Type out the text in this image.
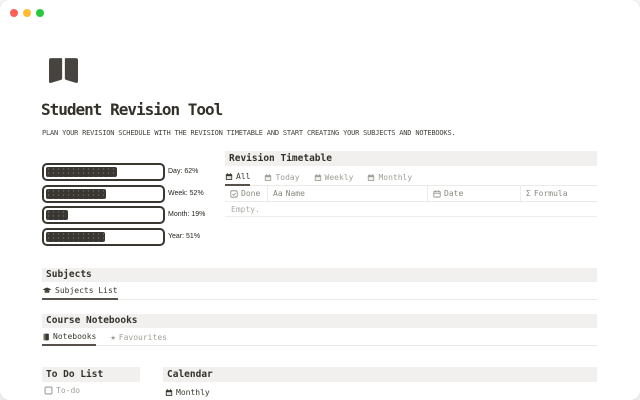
Student Revision Tool
PLAN YOUR REVISION SCHEDULE WITH THE REVISION TIMETABLE AND START CREATING YOUR SUBJECTS AND NOTEBOOKS.
Day: 62%
Week: 52%
Month: 19%
Year: 51%
Revision Timetable
All	Today	Weekly	Monthly
Done Aa Name	Date	Σ Formula
Empty.
Subjects
Subjects List
Course Notebooks
Notebooks ★ Favourites
To Do List	Calendar
To-do	Monthly
